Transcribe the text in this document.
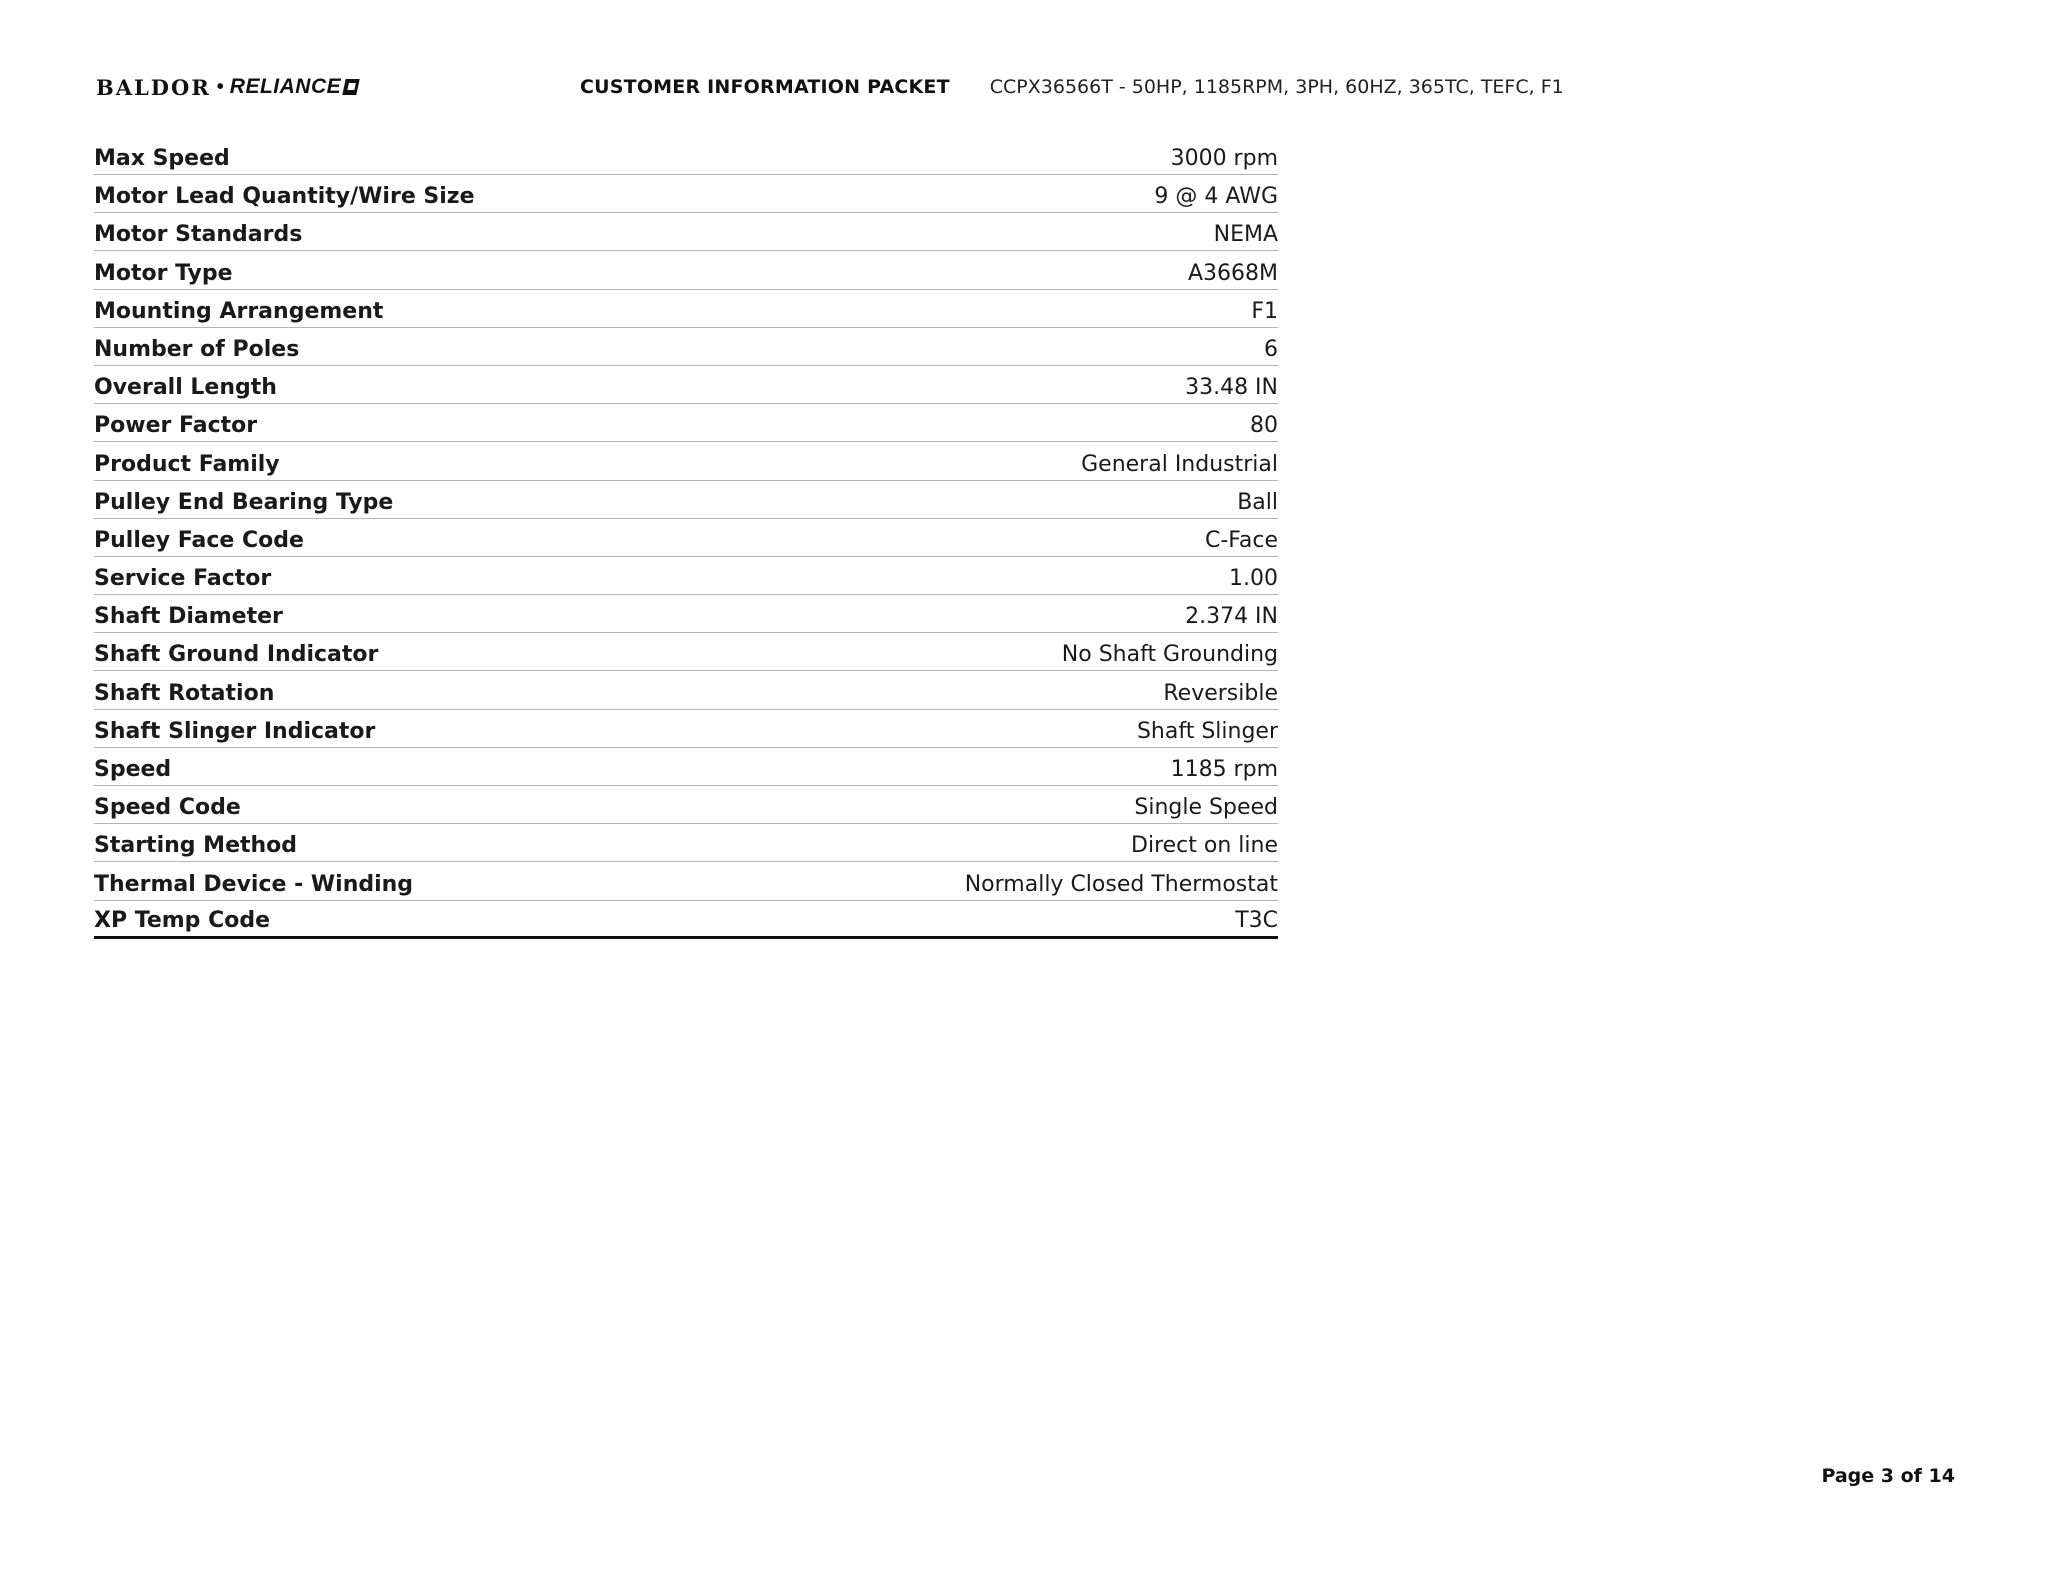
BALDOR • RELIANCE	CUSTOMER INFORMATION PACKET CCPX36566T - 50HP, 1185RPM, 3PH, 60HZ, 365TC, TEFC, F1
Max Speed	3000 rpm
Motor Lead Quantity/Wire Size	9 @ 4 AWG
Motor Standards	NEMA
Motor Type	A3668M
Mounting Arrangement	F1
Number of Poles	6
Overall Length	33.48 IN
Power Factor	80
Product Family	General Industrial
Pulley End Bearing Type	Ball
Pulley Face Code	C-Face
Service Factor	1.00
Shaft Diameter	2.374 IN
Shaft Ground Indicator	No Shaft Grounding
Shaft Rotation	Reversible
Shaft Slinger Indicator	Shaft Slinger
Speed	1185 rpm
Speed Code	Single Speed
Starting Method	Direct on line
Thermal Device - Winding	Normally Closed Thermostat
XP Temp Code	T3C
Page 3 of 14
